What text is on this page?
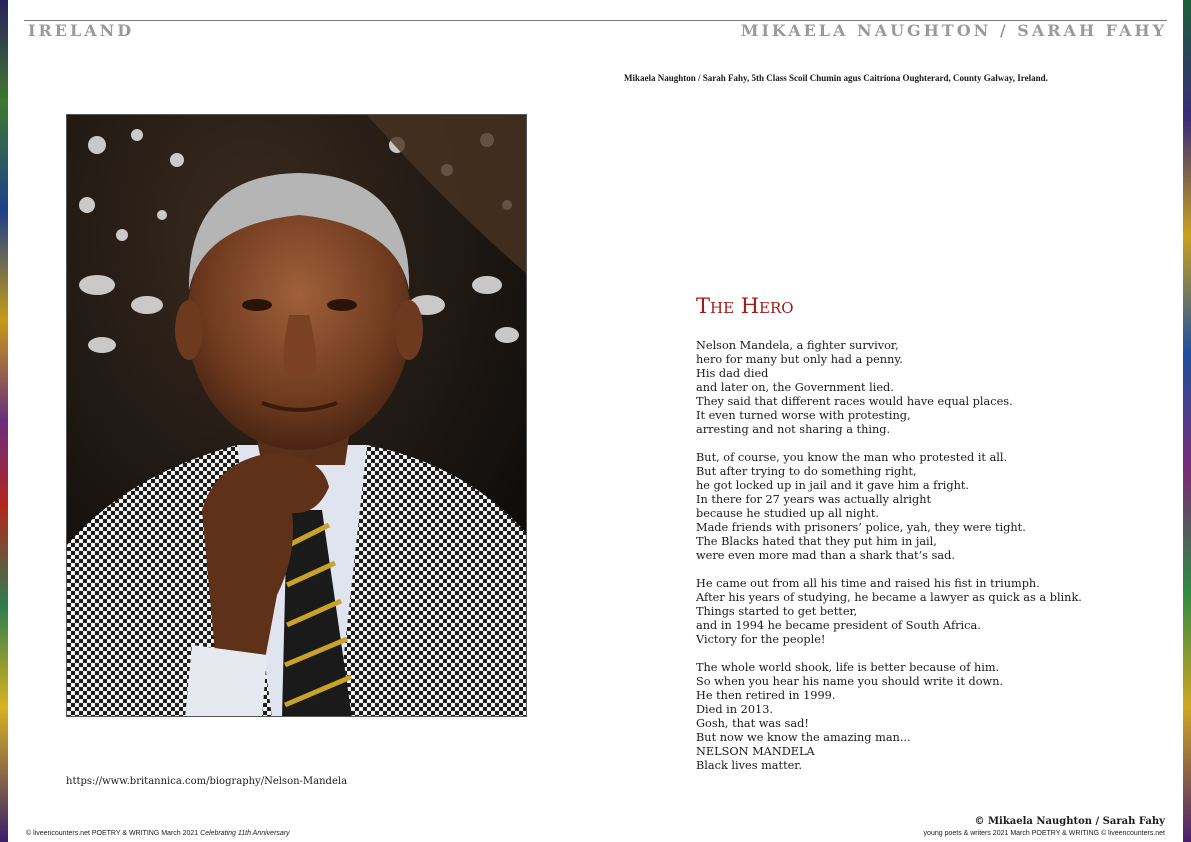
IRELAND	MIKAELA NAUGHTON / SARAH FAHY
Mikaela Naughton / Sarah Fahy, 5th Class Scoil Chumin agus Caitriona Oughterard, County Galway, Ireland.
https://www.britannica.com/biography/Nelson-Mandela
The Hero
Nelson Mandela, a fighter survivor,
hero for many but only had a penny.
His dad died
and later on, the Government lied.
They said that different races would have equal places.
It even turned worse with protesting,
arresting and not sharing a thing.
But, of course, you know the man who protested it all.
But after trying to do something right,
he got locked up in jail and it gave him a fright.
In there for 27 years was actually alright
because he studied up all night.
Made friends with prisoners’ police, yah, they were tight.
The Blacks hated that they put him in jail,
were even more mad than a shark that’s sad.
He came out from all his time and raised his fist in triumph.
After his years of studying, he became a lawyer as quick as a blink.
Things started to get better,
and in 1994 he became president of South Africa.
Victory for the people!
The whole world shook, life is better because of him.
So when you hear his name you should write it down.
He then retired in 1999.
Died in 2013.
Gosh, that was sad!
But now we know the amazing man...
NELSON MANDELA
Black lives matter.
© Mikaela Naughton / Sarah Fahy
© liveencounters.net POETRY & WRITING March 2021 Celebrating 11th Anniversary	young poets & writers 2021 March POETRY & WRITING © liveencounters.net
